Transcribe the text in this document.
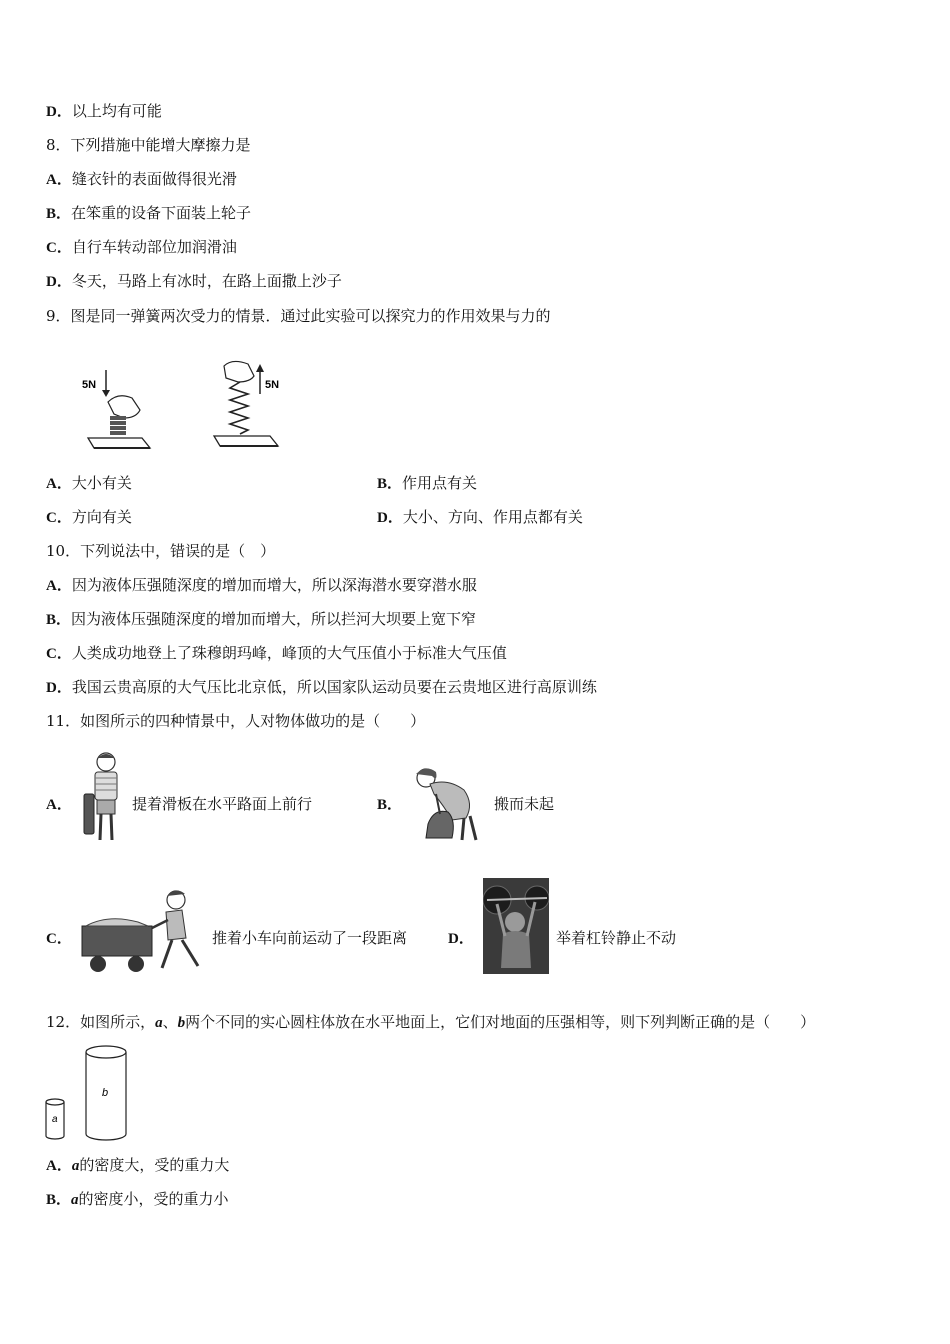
D．以上均有可能
8．下列措施中能增大摩擦力是
A．缝衣针的表面做得很光滑
B．在笨重的设备下面装上轮子
C．自行车转动部位加润滑油
D．冬天，马路上有冰时，在路上面撒上沙子
9．图是同一弹簧两次受力的情景．通过此实验可以探究力的作用效果与力的
5N	5N
A．大小有关	B．作用点有关
C．方向有关	D．大小、方向、作用点都有关
10．下列说法中，错误的是（　）
A．因为液体压强随深度的增加而增大，所以深海潜水要穿潜水服
B．因为液体压强随深度的增加而增大，所以拦河大坝要上宽下窄
C．人类成功地登上了珠穆朗玛峰，峰顶的大气压值小于标准大气压值
D．我国云贵高原的大气压比北京低，所以国家队运动员要在云贵地区进行高原训练
11．如图所示的四种情景中，人对物体做功的是（　　）
A．	提着滑板在水平路面上前行	B．	搬而未起
C．	推着小车向前运动了一段距离	D．	举着杠铃静止不动
12．如图所示，a、b两个不同的实心圆柱体放在水平地面上，它们对地面的压强相等，则下列判断正确的是（　　）
a
b
A．a的密度大，受的重力大
B．a的密度小，受的重力小
